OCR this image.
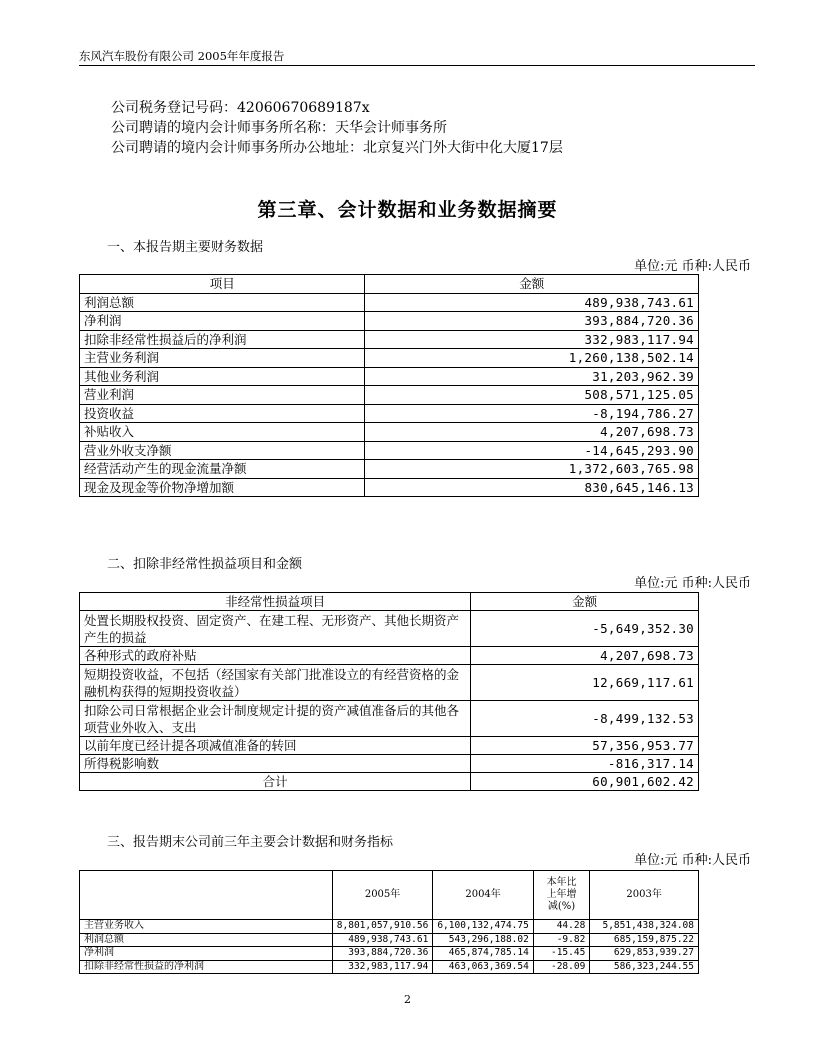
东风汽车股份有限公司 2005年年度报告
公司税务登记号码：42060670689187x
公司聘请的境内会计师事务所名称：天华会计师事务所
公司聘请的境内会计师事务所办公地址：北京复兴门外大街中化大厦17层
第三章、会计数据和业务数据摘要
一、本报告期主要财务数据
单位:元 币种:人民币
项目	金额
利润总额	489,938,743.61
净利润	393,884,720.36
扣除非经常性损益后的净利润	332,983,117.94
主营业务利润	1,260,138,502.14
其他业务利润	31,203,962.39
营业利润	508,571,125.05
投资收益	-8,194,786.27
补贴收入	4,207,698.73
营业外收支净额	-14,645,293.90
经营活动产生的现金流量净额	1,372,603,765.98
现金及现金等价物净增加额	830,645,146.13
二、扣除非经常性损益项目和金额
单位:元 币种:人民币
非经常性损益项目	金额
处置长期股权投资、固定资产、在建工程、无形资产、其他长期资产产生的损益	-5,649,352.30
各种形式的政府补贴	4,207,698.73
短期投资收益，不包括（经国家有关部门批准设立的有经营资格的金融机构获得的短期投资收益）	12,669,117.61
扣除公司日常根据企业会计制度规定计提的资产减值准备后的其他各项营业外收入、支出	-8,499,132.53
以前年度已经计提各项减值准备的转回	57,356,953.77
所得税影响数	-816,317.14
合计	60,901,602.42
三、报告期末公司前三年主要会计数据和财务指标
单位:元 币种:人民币
	2005年	2004年	本年比上年增减(%)	2003年
主营业务收入	8,801,057,910.56	6,100,132,474.75	44.28	5,851,438,324.08
利润总额	489,938,743.61	543,296,188.02	-9.82	685,159,875.22
净利润	393,884,720.36	465,874,785.14	-15.45	629,853,939.27
扣除非经常性损益的净利润	332,983,117.94	463,063,369.54	-28.09	586,323,244.55
2
